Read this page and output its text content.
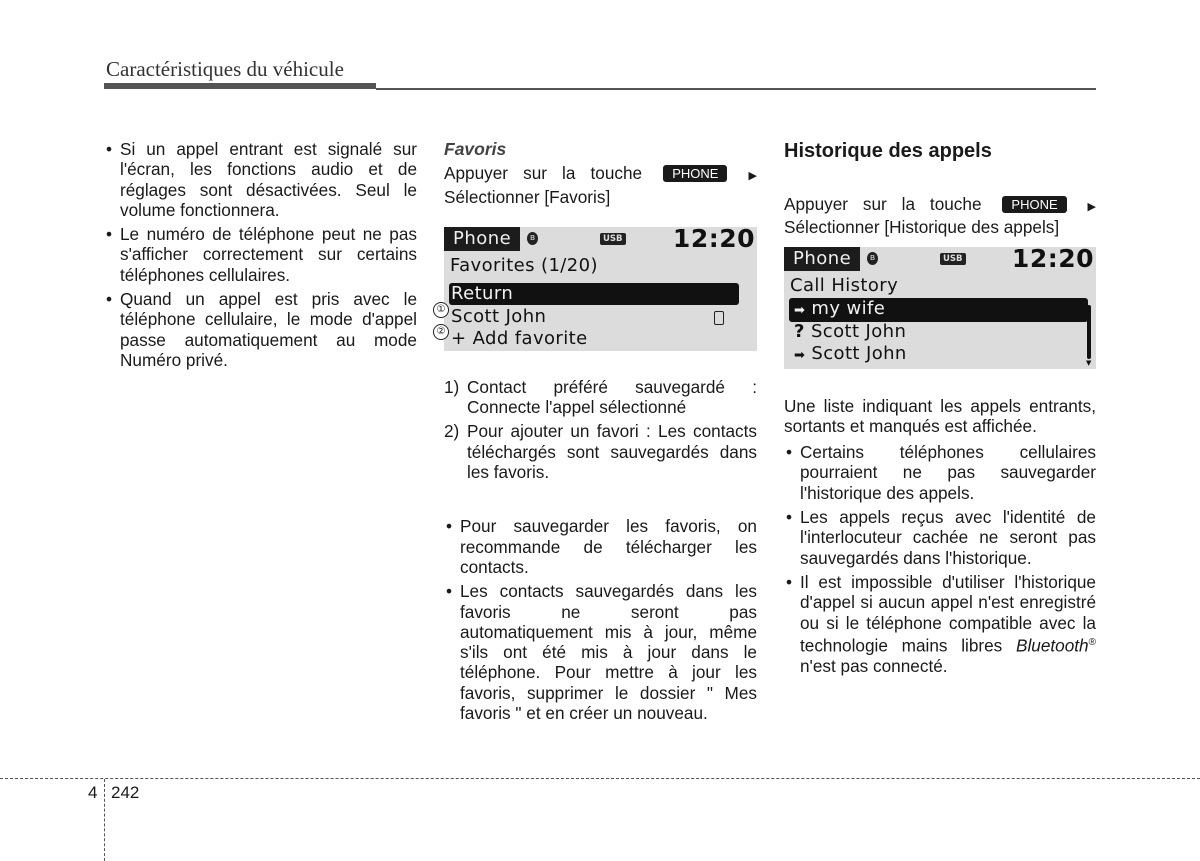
Caractéristiques du véhicule
• Si un appel entrant est signalé sur l'écran, les fonctions audio et de réglages sont désactivées. Seul le volume fonctionnera.
• Le numéro de téléphone peut ne pas s'afficher correctement sur certains téléphones cellulaires.
• Quand un appel est pris avec le téléphone cellulaire, le mode d'appel passe automatiquement au mode Numéro privé.
Favoris
Appuyer sur la touche PHONE	▶
Sélectionner [Favoris]
Phone	ʙ	USB 12:20
Favorites (1/20)
Return
Scott John
+ Add favorite
1) Contact préféré sauvegardé : Connecte l'appel sélectionné
2) Pour ajouter un favori : Les contacts téléchargés sont sauvegardés dans les favoris.
• Pour sauvegarder les favoris, on recommande de télécharger les contacts.
• Les contacts sauvegardés dans les favoris ne seront pas automatiquement mis à jour, même s'ils ont été mis à jour dans le téléphone. Pour mettre à jour les favoris, supprimer le dossier " Mes favoris " et en créer un nouveau.
①
②
Historique des appels
Appuyer sur la touche PHONE	▶
Sélectionner [Historique des appels]
Phone	ʙ	USB 12:20
Call History
➡ my wife
? Scott John
➡ Scott John	▼
Une liste indiquant les appels entrants, sortants et manqués est affichée.
• Certains téléphones cellulaires pourraient ne pas sauvegarder l'historique des appels.
• Les appels reçus avec l'identité de l'interlocuteur cachée ne seront pas sauvegardés dans l'historique.
• Il est impossible d'utiliser l'historique d'appel si aucun appel n'est enregistré ou si le téléphone compatible avec la technologie mains libres Bluetooth® n'est pas connecté.
4 242
